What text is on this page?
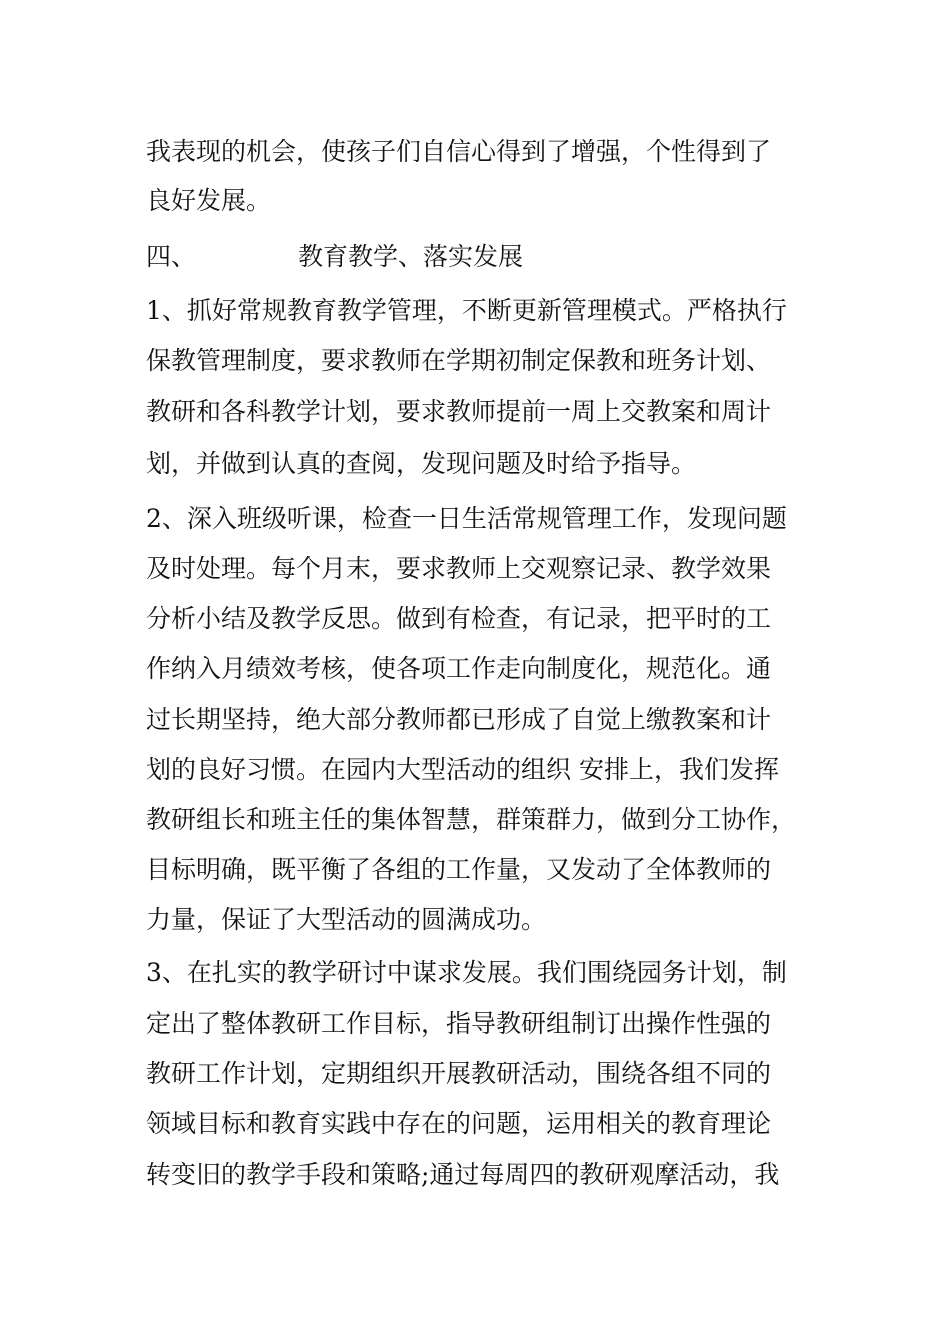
我表现的机会，使孩子们自信心得到了增强，个性得到了

良好发展。

四、	教育教学、落实发展

1、抓好常规教育教学管理，不断更新管理模式。严格执行

保教管理制度，要求教师在学期初制定保教和班务计划、

教研和各科教学计划，要求教师提前一周上交教案和周计

划，并做到认真的查阅，发现问题及时给予指导。

2、深入班级听课，检查一日生活常规管理工作，发现问题

及时处理。每个月末，要求教师上交观察记录、教学效果

分析小结及教学反思。做到有检查，有记录，把平时的工

作纳入月绩效考核，使各项工作走向制度化，规范化。通

过长期坚持，绝大部分教师都已形成了自觉上缴教案和计

划的良好习惯。在园内大型活动的组织 安排上，我们发挥

教研组长和班主任的集体智慧，群策群力，做到分工协作，

目标明确，既平衡了各组的工作量，又发动了全体教师的

力量，保证了大型活动的圆满成功。

3、在扎实的教学研讨中谋求发展。我们围绕园务计划，制

定出了整体教研工作目标，指导教研组制订出操作性强的

教研工作计划，定期组织开展教研活动，围绕各组不同的

领域目标和教育实践中存在的问题，运用相关的教育理论

转变旧的教学手段和策略;通过每周四的教研观摩活动，我
